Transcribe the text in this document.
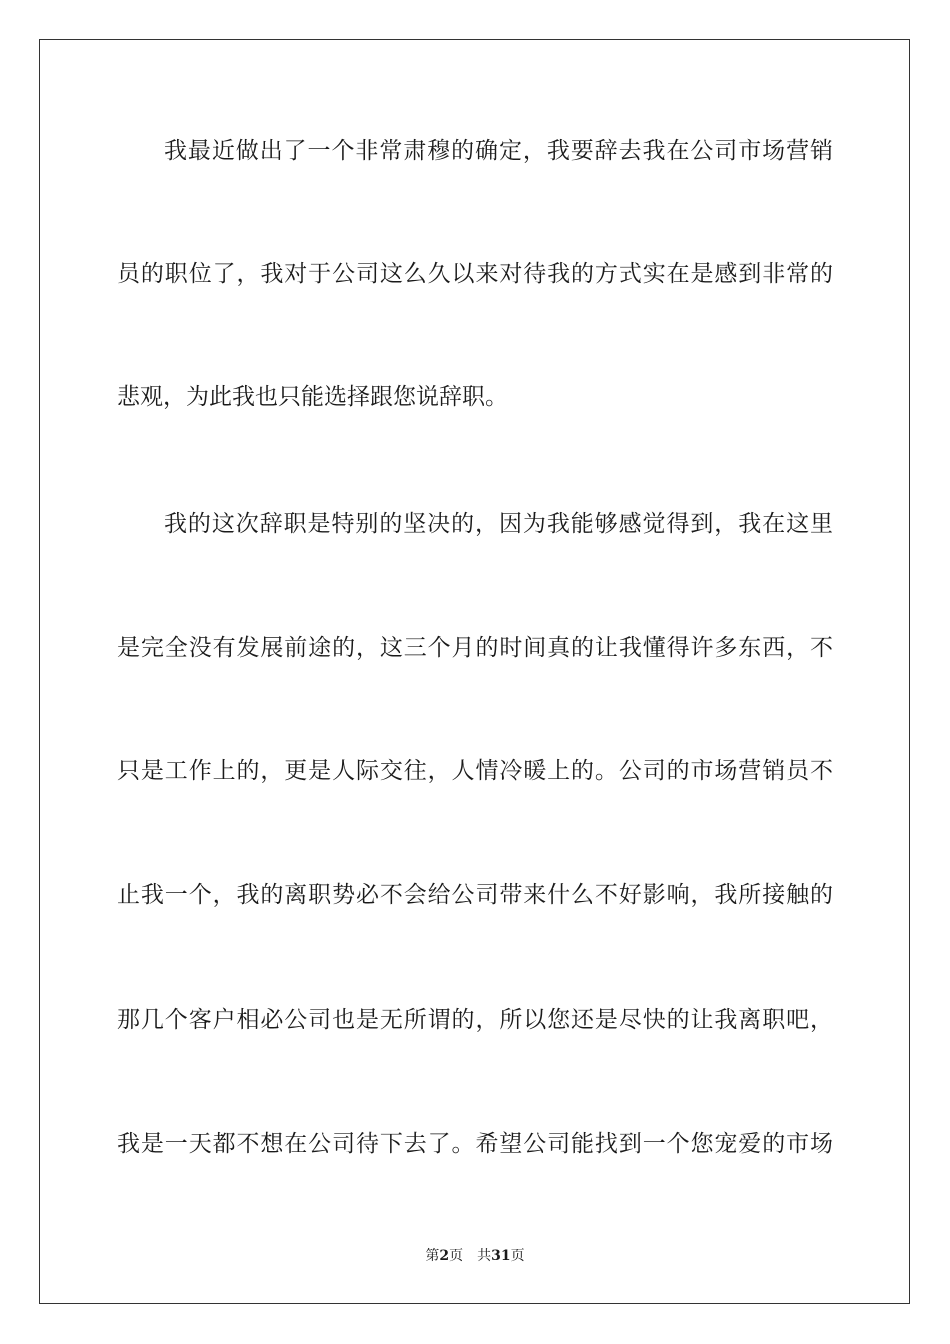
我最近做出了一个非常肃穆的确定，我要辞去我在公司市场营销
员的职位了，我对于公司这么久以来对待我的方式实在是感到非常的
悲观，为此我也只能选择跟您说辞职。
我的这次辞职是特别的坚决的，因为我能够感觉得到，我在这里
是完全没有发展前途的，这三个月的时间真的让我懂得许多东西，不
只是工作上的，更是人际交往，人情冷暖上的。公司的市场营销员不
止我一个，我的离职势必不会给公司带来什么不好影响，我所接触的
那几个客户相必公司也是无所谓的，所以您还是尽快的让我离职吧，
我是一天都不想在公司待下去了。希望公司能找到一个您宠爱的市场
第2页 共31页
